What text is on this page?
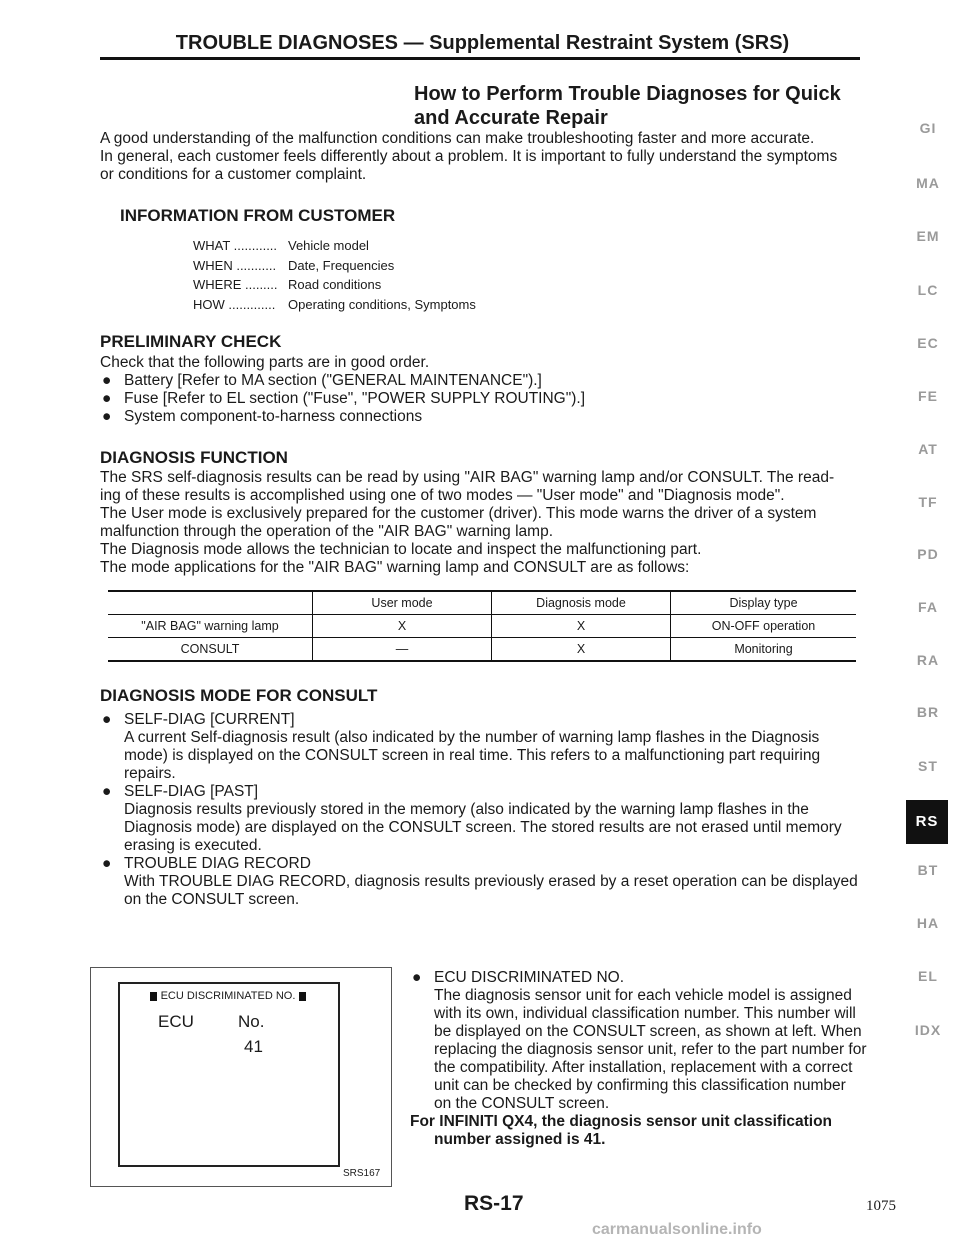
TROUBLE DIAGNOSES — Supplemental Restraint System (SRS)
How to Perform Trouble Diagnoses for Quick
and Accurate Repair
A good understanding of the malfunction conditions can make troubleshooting faster and more accurate.
In general, each customer feels differently about a problem. It is important to fully understand the symptoms
or conditions for a customer complaint.
INFORMATION FROM CUSTOMER
WHAT ............ Vehicle model
WHEN ........... Date, Frequencies
WHERE ......... Road conditions
HOW ............. Operating conditions, Symptoms
PRELIMINARY CHECK
Check that the following parts are in good order.
● Battery [Refer to MA section ("GENERAL MAINTENANCE").]
● Fuse [Refer to EL section ("Fuse", "POWER SUPPLY ROUTING").]
● System component-to-harness connections
DIAGNOSIS FUNCTION
The SRS self-diagnosis results can be read by using "AIR BAG" warning lamp and/or CONSULT. The read-
ing of these results is accomplished using one of two modes — "User mode" and "Diagnosis mode".
The User mode is exclusively prepared for the customer (driver). This mode warns the driver of a system
malfunction through the operation of the "AIR BAG" warning lamp.
The Diagnosis mode allows the technician to locate and inspect the malfunctioning part.
The mode applications for the "AIR BAG" warning lamp and CONSULT are as follows:
	User mode	Diagnosis mode	Display type
"AIR BAG" warning lamp	X	X	ON-OFF operation
CONSULT	—	X	Monitoring
DIAGNOSIS MODE FOR CONSULT
● SELF-DIAG [CURRENT]
A current Self-diagnosis result (also indicated by the number of warning lamp flashes in the Diagnosis
mode) is displayed on the CONSULT screen in real time. This refers to a malfunctioning part requiring
repairs.
● SELF-DIAG [PAST]
Diagnosis results previously stored in the memory (also indicated by the warning lamp flashes in the
Diagnosis mode) are displayed on the CONSULT screen. The stored results are not erased until memory
erasing is executed.
● TROUBLE DIAG RECORD
With TROUBLE DIAG RECORD, diagnosis results previously erased by a reset operation can be displayed
on the CONSULT screen.
ECU DISCRIMINATED NO.
ECU	No.
41
SRS167
● ECU DISCRIMINATED NO.
The diagnosis sensor unit for each vehicle model is assigned
with its own, individual classification number. This number will
be displayed on the CONSULT screen, as shown at left. When
replacing the diagnosis sensor unit, refer to the part number for
the compatibility. After installation, replacement with a correct
unit can be checked by confirming this classification number
on the CONSULT screen.
For INFINITI QX4, the diagnosis sensor unit classification
number assigned is 41.
GI
MA
EM
LC
EC
FE
AT
TF
PD
FA
RA
BR
ST
RS
BT
HA
EL
IDX
RS-17	1075
carmanualsonline.info
